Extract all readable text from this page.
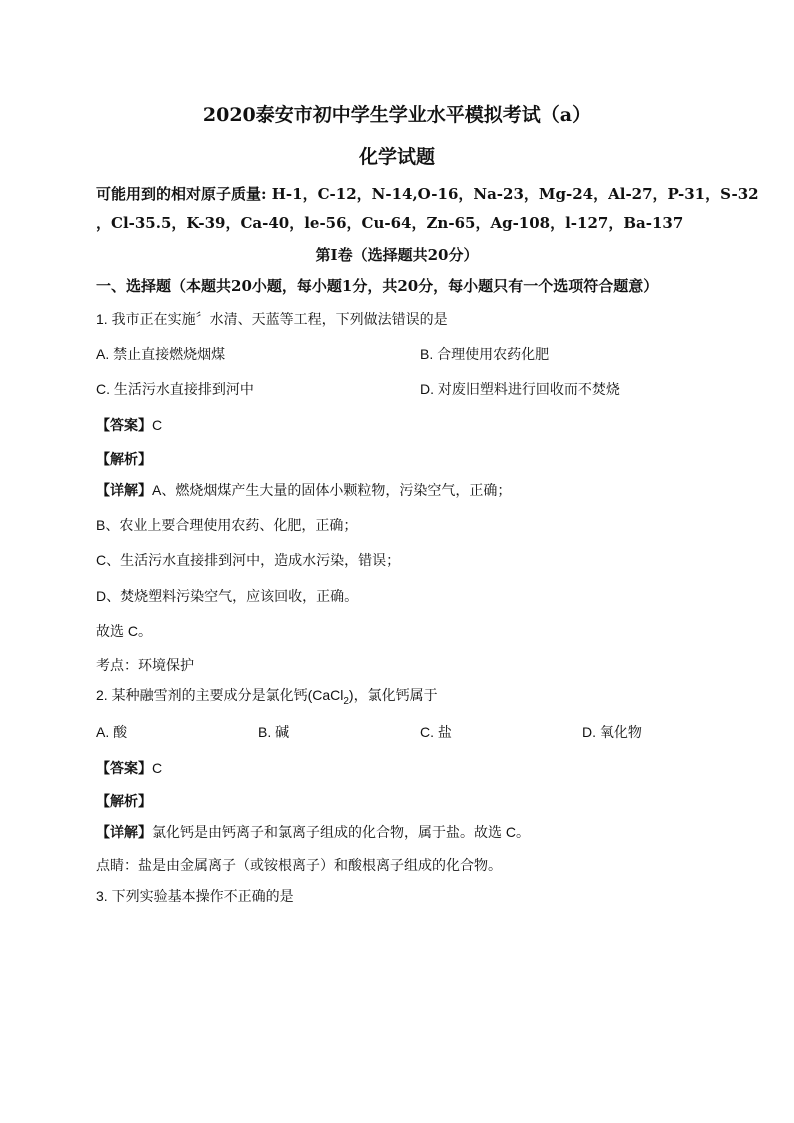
2020泰安市初中学生学业水平模拟考试（a）
化学试题
可能用到的相对原子质量: H-1，C-12，N-14,O-16，Na-23，Mg-24，Al-27，P-31，S-32
，Cl-35.5，K-39，Ca-40，le-56，Cu-64，Zn-65，Ag-108，l-127，Ba-137
第Ⅰ卷（选择题共20分）
一、选择题（本题共20小题，每小题1分，共20分，每小题只有一个选项符合题意）
1. 我市正在实施〞水清、天蓝等工程，下列做法错误的是
A. 禁止直接燃烧烟煤	B. 合理使用农药化肥
C. 生活污水直接排到河中	D. 对废旧塑料进行回收而不焚烧
【答案】C
【解析】
【详解】A、燃烧烟煤产生大量的固体小颗粒物，污染空气，正确；
B、农业上要合理使用农药、化肥，正确；
C、生活污水直接排到河中，造成水污染，错误；
D、焚烧塑料污染空气，应该回收，正确。
故选 C。
考点：环境保护
2. 某种融雪剂的主要成分是氯化钙(CaCl$_2$)，氯化钙属于
A. 酸	B. 碱	C. 盐	D. 氧化物
【答案】C
【解析】
【详解】氯化钙是由钙离子和氯离子组成的化合物，属于盐。故选 C。
点睛：盐是由金属离子（或铵根离子）和酸根离子组成的化合物。
3. 下列实验基本操作不正确的是
